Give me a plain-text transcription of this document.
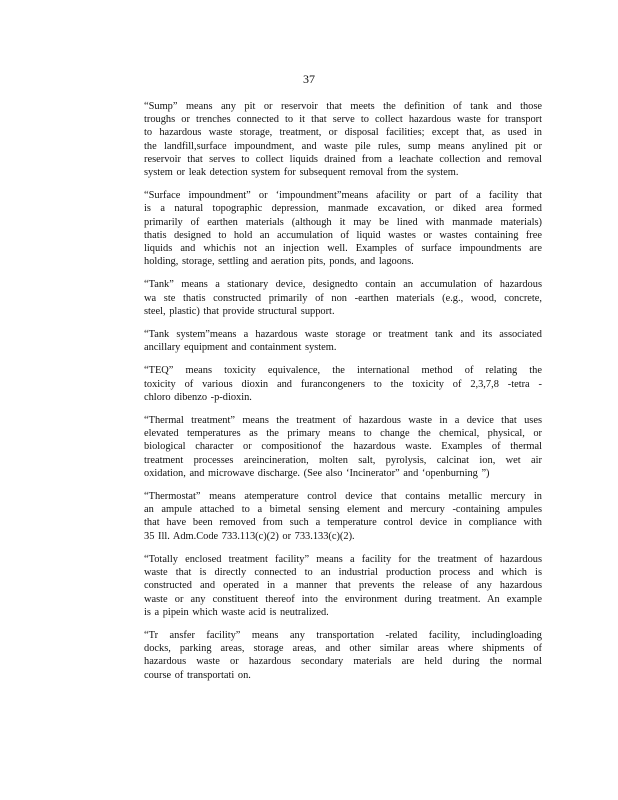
37

“Sump” means any pit or reservoir that meets the definition of tank and those
troughs or trenches connected to it that serve to collect hazardous waste for transport
to hazardous waste storage, treatment, or disposal facilities; except that, as used in
the landfill,surface impoundment, and waste pile rules, sump means anylined pit or
reservoir that serves to collect liquids drained from a leachate collection and removal
system or leak detection system for subsequent removal from the system.

“Surface impoundment” or ‘impoundment”means afacility or part of a facility that
is a natural topographic depression, manmade excavation, or diked area formed
primarily of earthen materials (although it may be lined with manmade materials)
thatis designed to hold an accumulation of liquid wastes or wastes containing free
liquids and whichis not an injection well. Examples of surface impoundments are
holding, storage, settling and aeration pits, ponds, and lagoons.

“Tank” means a stationary device, designedto contain an accumulation of hazardous
wa ste thatis constructed primarily of non -earthen materials (e.g., wood, concrete,
steel, plastic) that provide structural support.

“Tank system”means a hazardous waste storage or treatment tank and its associated
ancillary equipment and containment system.

“TEQ” means toxicity equivalence, the international method of relating the
toxicity of various dioxin and furancongeners to the toxicity of 2,3,7,8 -tetra -
chloro dibenzo -p-dioxin.

“Thermal treatment” means the treatment of hazardous waste in a device that uses
elevated temperatures as the primary means to change the chemical, physical, or
biological character or compositionof the hazardous waste. Examples of thermal
treatment processes areincineration, molten salt, pyrolysis, calcinat ion, wet air
oxidation, and microwave discharge. (See also ‘Incinerator” and ‘openburning ”)

“Thermostat” means atemperature control device that contains metallic mercury in
an ampule attached to a bimetal sensing element and mercury -containing ampules
that have been removed from such a temperature control device in compliance with
35 Ill. Adm.Code 733.113(c)(2) or 733.133(c)(2).

“Totally enclosed treatment facility” means a facility for the treatment of hazardous
waste that is directly connected to an industrial production process and which is
constructed and operated in a manner that prevents the release of any hazardous
waste or any constituent thereof into the environment during treatment. An example
is a pipein which waste acid is neutralized.

“Tr ansfer facility” means any transportation -related facility, includingloading
docks, parking areas, storage areas, and other similar areas where shipments of
hazardous waste or hazardous secondary materials are held during the normal
course of transportati on.
